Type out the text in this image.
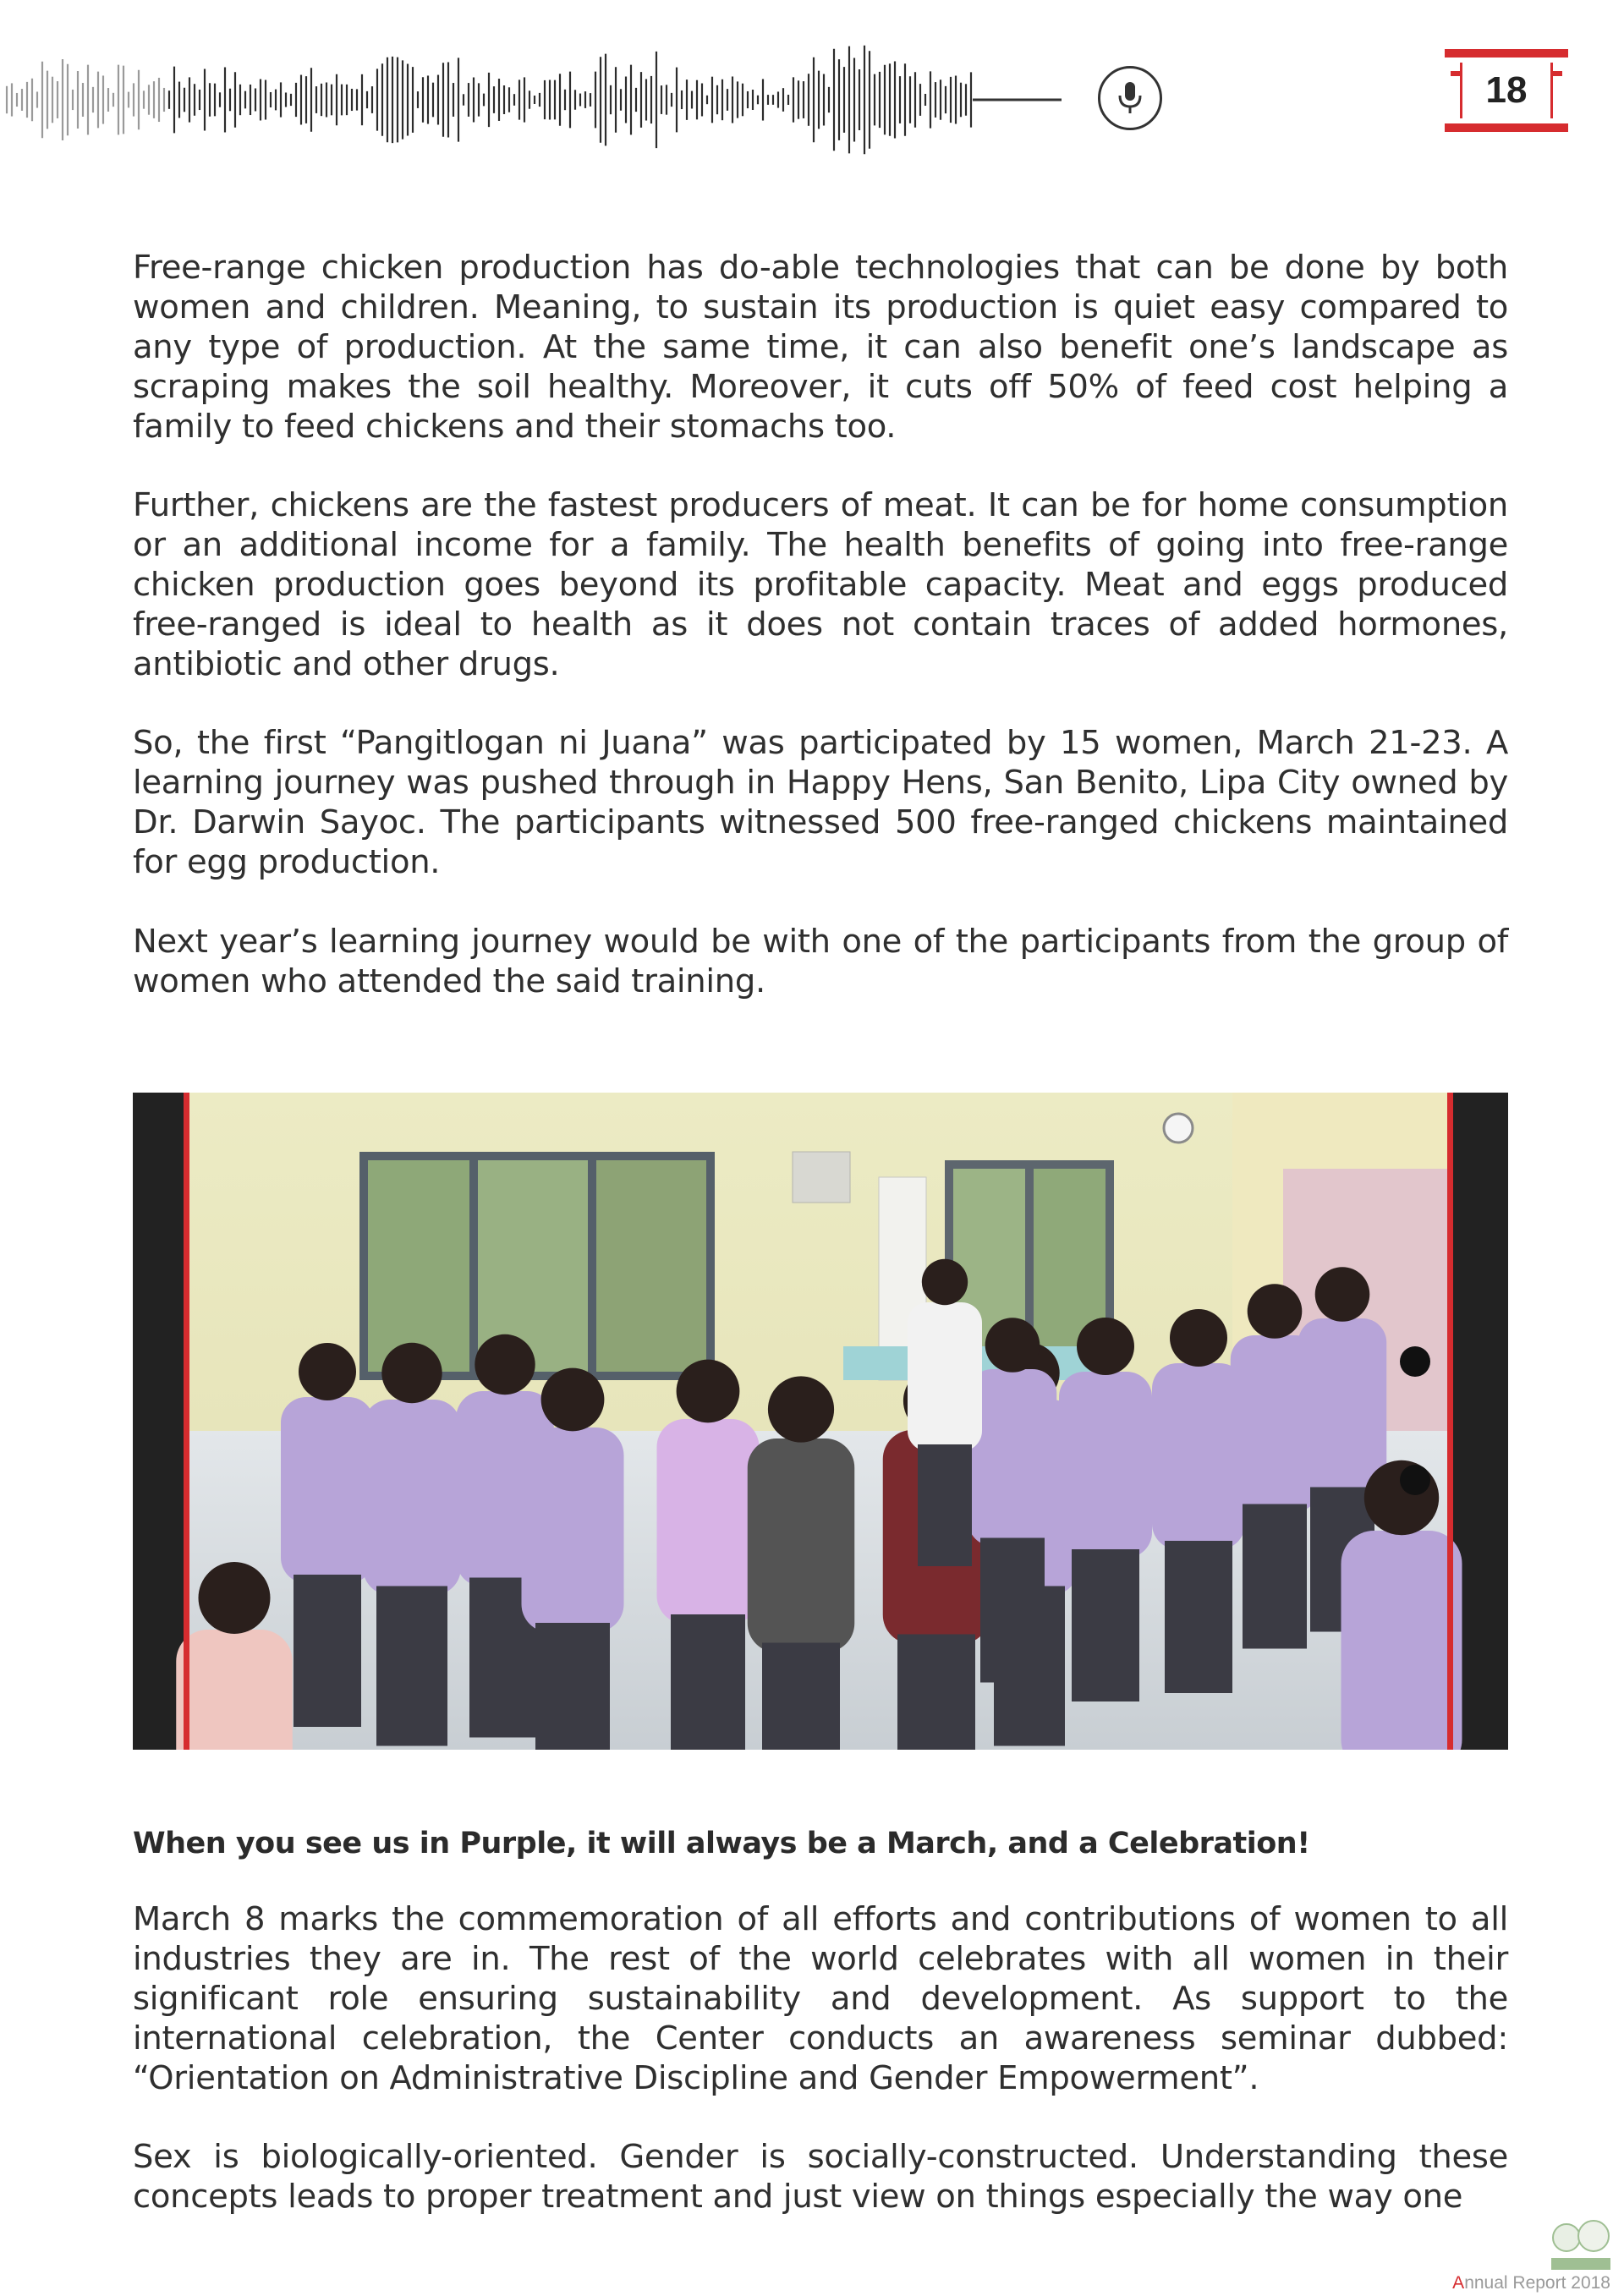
18

Free-range chicken production has do-able technologies that can be done by both women and children. Meaning, to sustain its production is quiet easy compared to any type of production. At the same time, it can also benefit one’s landscape as scraping makes the soil healthy. Moreover, it cuts off 50% of feed cost helping a family to feed chickens and their stomachs too.

Further, chickens are the fastest producers of meat. It can be for home consumption or an additional income for a family. The health benefits of going into free-range chicken production goes beyond its profitable capacity. Meat and eggs produced free-ranged is ideal to health as it does not contain traces of added hormones, antibiotic and other drugs.

So, the first “Pangitlogan ni Juana” was participated by 15 women, March 21-23. A learning journey was pushed through in Happy Hens, San Benito, Lipa City owned by Dr. Darwin Sayoc. The participants witnessed 500 free-ranged chickens maintained for egg production.

Next year’s learning journey would be with one of the participants from the group of women who attended the said training.

When you see us in Purple, it will always be a March, and a Celebration!

March 8 marks the commemoration of all efforts and contributions of women to all industries they are in. The rest of the world celebrates with all women in their significant role ensuring sustainability and development. As support to the international celebration, the Center conducts an awareness seminar dubbed: “Orientation on Administrative Discipline and Gender Empowerment”.

Sex is biologically-oriented. Gender is socially-constructed. Understanding these concepts leads to proper treatment and just view on things especially the way one

Annual Report 2018
